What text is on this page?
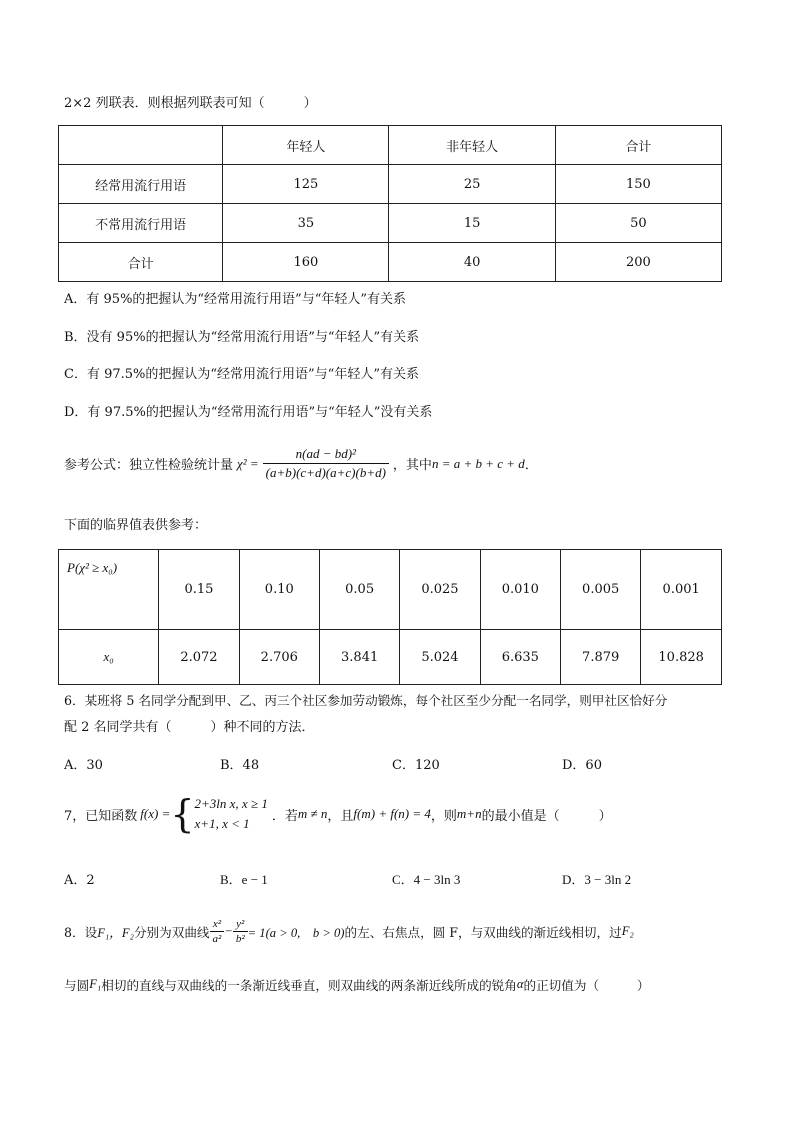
2×2 列联表．则根据列联表可知（　　　）
	年轻人	非年轻人	合计
经常用流行用语	125	25	150
不常用流行用语	35	15	50
合计	160	40	200
A．有 95%的把握认为“经常用流行用语”与“年轻人”有关系
B．没有 95%的把握认为“经常用流行用语”与“年轻人”有关系
C．有 97.5%的把握认为“经常用流行用语”与“年轻人”有关系
D．有 97.5%的把握认为“经常用流行用语”与“年轻人”没有关系
参考公式：独立性检验统计量 $\chi^2 = \frac{\text{n(ad − bd)²}}{(a+b)(c+d)(a+c)(b+d)}$ ，其中 n = a + b + c + d ．
下面的临界值表供参考：
P(χ² ≥ x₀)	0.15	0.10	0.05	0.025	0.010	0.005	0.001
x₀	2.072	2.706	3.841	5.024	6.635	7.879	10.828
6．某班将 5 名同学分配到甲、乙、丙三个社区参加劳动锻炼，每个社区至少分配一名同学，则甲社区恰好分
配 2 名同学共有（　　　）种不同的方法．
A．30	B．48	C．120	D．60
7，已知函数 f(x) = { 2+3ln x, x ≥ 1
x+1, x < 1	．若 m ≠ n ，且 f(m) + f(n) = 4 ，则 m+n 的最小值是（　　　）
A．2	B．e − 1	C．4 − 3ln 3	D．3 − 3ln 2
8．设 F₁，F₂ 分别为双曲线 $\frac{\text{x²}}{\text{a²}} - \frac{\text{y²}}{\text{b²}} = 1(a > 0$,　b > 0) 的左、右焦点，圆 F，与双曲线的渐近线相切，过 F₂
与圆 F₁ 相切的直线与双曲线的一条渐近线垂直，则双曲线的两条渐近线所成的锐角 α 的正切值为（　　　）
